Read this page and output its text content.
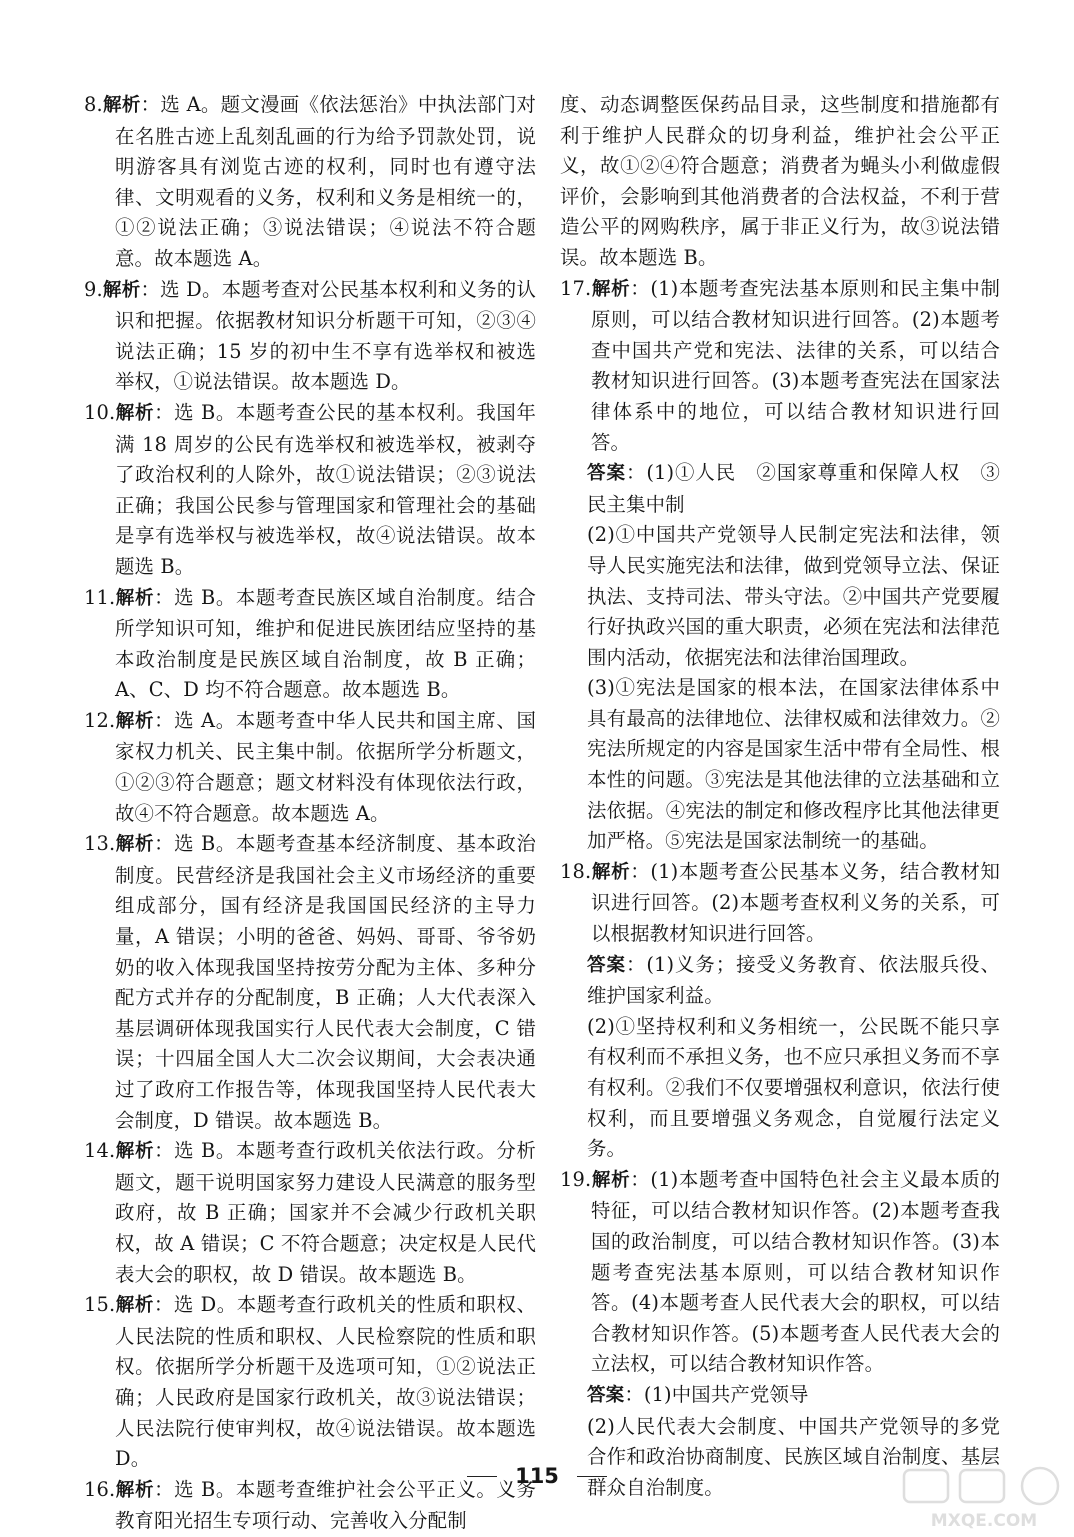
8.解析：选 A。题文漫画《依法惩治》中执法部门对在名胜古迹上乱刻乱画的行为给予罚款处罚，说明游客具有浏览古迹的权利，同时也有遵守法律、文明观看的义务，权利和义务是相统一的，①②说法正确；③说法错误；④说法不符合题意。故本题选 A。
9.解析：选 D。本题考查对公民基本权利和义务的认识和把握。依据教材知识分析题干可知，②③④说法正确；15 岁的初中生不享有选举权和被选举权，①说法错误。故本题选 D。
10.解析：选 B。本题考查公民的基本权利。我国年满 18 周岁的公民有选举权和被选举权，被剥夺了政治权利的人除外，故①说法错误；②③说法正确；我国公民参与管理国家和管理社会的基础是享有选举权与被选举权，故④说法错误。故本题选 B。
11.解析：选 B。本题考查民族区域自治制度。结合所学知识可知，维护和促进民族团结应坚持的基本政治制度是民族区域自治制度，故 B 正确；A、C、D 均不符合题意。故本题选 B。
12.解析：选 A。本题考查中华人民共和国主席、国家权力机关、民主集中制。依据所学分析题文，①②③符合题意；题文材料没有体现依法行政，故④不符合题意。故本题选 A。
13.解析：选 B。本题考查基本经济制度、基本政治制度。民营经济是我国社会主义市场经济的重要组成部分，国有经济是我国国民经济的主导力量，A 错误；小明的爸爸、妈妈、哥哥、爷爷奶奶的收入体现我国坚持按劳分配为主体、多种分配方式并存的分配制度，B 正确；人大代表深入基层调研体现我国实行人民代表大会制度，C 错误；十四届全国人大二次会议期间，大会表决通过了政府工作报告等，体现我国坚持人民代表大会制度，D 错误。故本题选 B。
14.解析：选 B。本题考查行政机关依法行政。分析题文，题干说明国家努力建设人民满意的服务型政府，故 B 正确；国家并不会减少行政机关职权，故 A 错误；C 不符合题意；决定权是人民代表大会的职权，故 D 错误。故本题选 B。
15.解析：选 D。本题考查行政机关的性质和职权、人民法院的性质和职权、人民检察院的性质和职权。依据所学分析题干及选项可知，①②说法正确；人民政府是国家行政机关，故③说法错误；人民法院行使审判权，故④说法错误。故本题选 D。
16.解析：选 B。本题考查维护社会公平正义。义务教育阳光招生专项行动、完善收入分配制
度、动态调整医保药品目录，这些制度和措施都有利于维护人民群众的切身利益，维护社会公平正义，故①②④符合题意；消费者为蝇头小利做虚假评价，会影响到其他消费者的合法权益，不利于营造公平的网购秩序，属于非正义行为，故③说法错误。故本题选 B。
17.解析：(1)本题考查宪法基本原则和民主集中制原则，可以结合教材知识进行回答。(2)本题考查中国共产党和宪法、法律的关系，可以结合教材知识进行回答。(3)本题考查宪法在国家法律体系中的地位，可以结合教材知识进行回答。
答案：(1)①人民　②国家尊重和保障人权　③民主集中制
(2)①中国共产党领导人民制定宪法和法律，领导人民实施宪法和法律，做到党领导立法、保证执法、支持司法、带头守法。②中国共产党要履行好执政兴国的重大职责，必须在宪法和法律范围内活动，依据宪法和法律治国理政。
(3)①宪法是国家的根本法，在国家法律体系中具有最高的法律地位、法律权威和法律效力。②宪法所规定的内容是国家生活中带有全局性、根本性的问题。③宪法是其他法律的立法基础和立法依据。④宪法的制定和修改程序比其他法律更加严格。⑤宪法是国家法制统一的基础。
18.解析：(1)本题考查公民基本义务，结合教材知识进行回答。(2)本题考查权利义务的关系，可以根据教材知识进行回答。
答案：(1)义务；接受义务教育、依法服兵役、维护国家利益。
(2)①坚持权利和义务相统一，公民既不能只享有权利而不承担义务，也不应只承担义务而不享有权利。②我们不仅要增强权利意识，依法行使权利，而且要增强义务观念，自觉履行法定义务。
19.解析：(1)本题考查中国特色社会主义最本质的特征，可以结合教材知识作答。(2)本题考查我国的政治制度，可以结合教材知识作答。(3)本题考查宪法基本原则，可以结合教材知识作答。(4)本题考查人民代表大会的职权，可以结合教材知识作答。(5)本题考查人民代表大会的立法权，可以结合教材知识作答。
答案：(1)中国共产党领导
(2)人民代表大会制度、中国共产党领导的多党合作和政治协商制度、民族区域自治制度、基层群众自治制度。
115
MXQE.COM
